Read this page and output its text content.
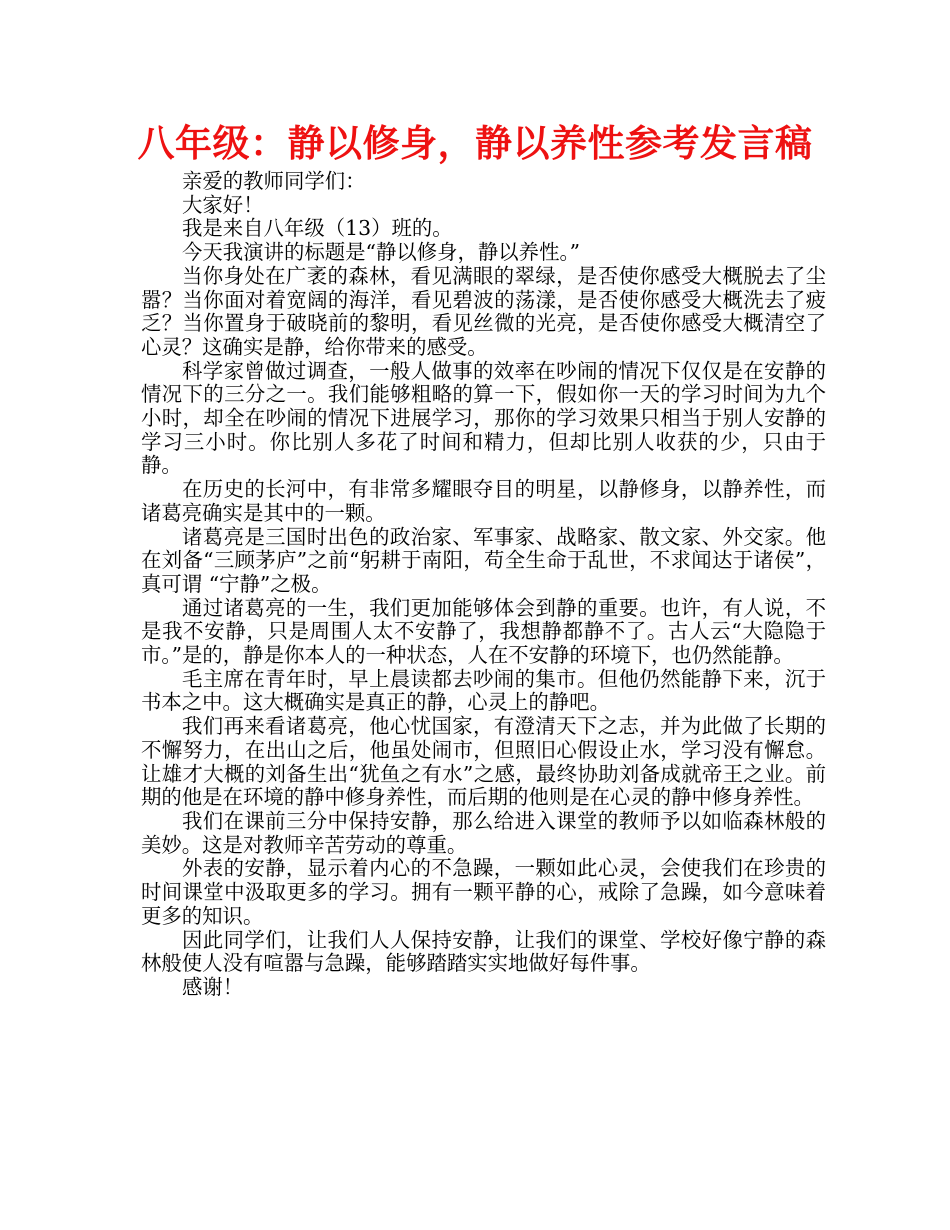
八年级：静以修身，静以养性参考发言稿

亲爱的教师同学们：

大家好！

我是来自八年级（13）班的。

今天我演讲的标题是“静以修身，静以养性。”

当你身处在广袤的森林，看见满眼的翠绿，是否使你感受大概脱去了尘嚣？当你面对着宽阔的海洋，看见碧波的荡漾，是否使你感受大概洗去了疲乏？当你置身于破晓前的黎明，看见丝微的光亮，是否使你感受大概清空了心灵？这确实是静，给你带来的感受。

科学家曾做过调查，一般人做事的效率在吵闹的情况下仅仅是在安静的情况下的三分之一。我们能够粗略的算一下，假如你一天的学习时间为九个小时，却全在吵闹的情况下进展学习，那你的学习效果只相当于别人安静的学习三小时。你比别人多花了时间和精力，但却比别人收获的少，只由于静。

在历史的长河中，有非常多耀眼夺目的明星，以静修身，以静养性，而诸葛亮确实是其中的一颗。

诸葛亮是三国时出色的政治家、军事家、战略家、散文家、外交家。他在刘备“三顾茅庐”之前“躬耕于南阳，苟全生命于乱世，不求闻达于诸侯”，真可谓 “宁静”之极。

通过诸葛亮的一生，我们更加能够体会到静的重要。也许，有人说，不是我不安静，只是周围人太不安静了，我想静都静不了。古人云“大隐隐于市。”是的，静是你本人的一种状态，人在不安静的环境下，也仍然能静。

毛主席在青年时，早上晨读都去吵闹的集市。但他仍然能静下来，沉于书本之中。这大概确实是真正的静，心灵上的静吧。

我们再来看诸葛亮，他心忧国家，有澄清天下之志，并为此做了长期的不懈努力，在出山之后，他虽处闹市，但照旧心假设止水，学习没有懈怠。让雄才大概的刘备生出“犹鱼之有水”之感，最终协助刘备成就帝王之业。前期的他是在环境的静中修身养性，而后期的他则是在心灵的静中修身养性。

我们在课前三分中保持安静，那么给进入课堂的教师予以如临森林般的美妙。这是对教师辛苦劳动的尊重。

外表的安静，显示着内心的不急躁，一颗如此心灵，会使我们在珍贵的时间课堂中汲取更多的学习。拥有一颗平静的心，戒除了急躁，如今意味着更多的知识。

因此同学们，让我们人人保持安静，让我们的课堂、学校好像宁静的森林般使人没有喧嚣与急躁，能够踏踏实实地做好每件事。

感谢！
